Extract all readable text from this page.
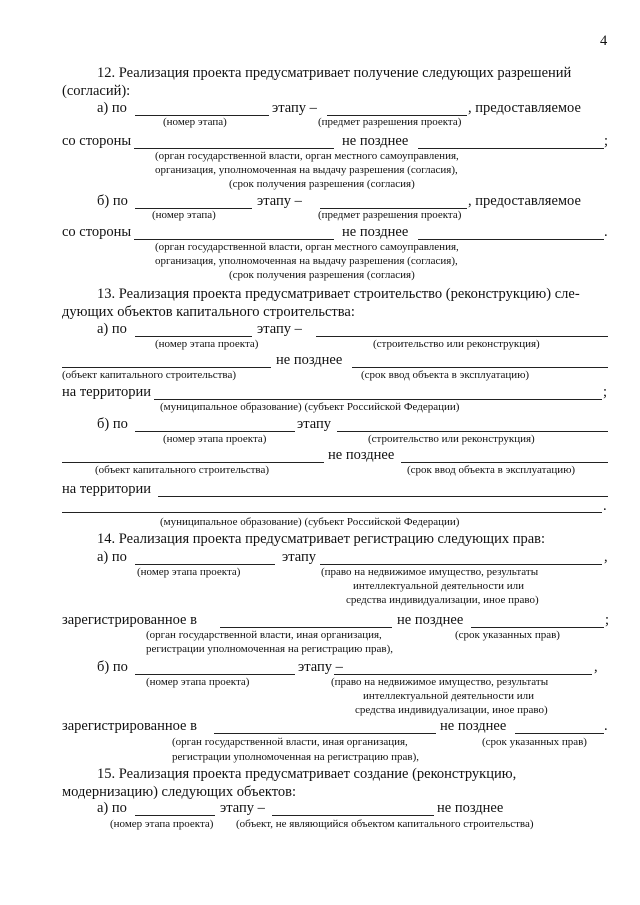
4
12. Реализация проекта предусматривает получение следующих разрешений
(согласий):
а) по	этапу –	, предоставляемое
(номер этапа)	(предмет разрешения проекта)
со стороны	не позднее	;
(орган государственной власти, орган местного самоуправления,
организация, уполномоченная на выдачу разрешения (согласия),
(срок получения разрешения (согласия)
б) по	этапу –	, предоставляемое
(номер этапа)	(предмет разрешения проекта)
со стороны	не позднее	.
(орган государственной власти, орган местного самоуправления,
организация, уполномоченная на выдачу разрешения (согласия),
(срок получения разрешения (согласия)
13. Реализация проекта предусматривает строительство (реконструкцию) сле-
дующих объектов капитального строительства:
а) по	этапу –
(номер этапа проекта)	(строительство или реконструкция)
не позднее
(объект капитального строительства)	(срок ввод объекта в эксплуатацию)
на территории	;
(муниципальное образование) (субъект Российской Федерации)
б) по	этапу
(номер этапа проекта)	(строительство или реконструкция)
не позднее
(объект капитального строительства)	(срок ввод объекта в эксплуатацию)
на территории
.
(муниципальное образование) (субъект Российской Федерации)
14. Реализация проекта предусматривает регистрацию следующих прав:
а) по	этапу	,
(номер этапа проекта)	(право на недвижимое имущество, результаты
интеллектуальной деятельности или
средства индивидуализации, иное право)
зарегистрированное в	не позднее	;
(орган государственной власти, иная организация,	(срок указанных прав)
регистрации уполномоченная на регистрацию прав),
б) по	этапу –	,
(номер этапа проекта)	(право на недвижимое имущество, результаты
интеллектуальной деятельности или
средства индивидуализации, иное право)
зарегистрированное в	не позднее	.
(орган государственной власти, иная организация,	(срок указанных прав)
регистрации уполномоченная на регистрацию прав),
15. Реализация проекта предусматривает создание (реконструкцию,
модернизацию) следующих объектов:
а) по	этапу –	не позднее
(номер этапа проекта) (объект, не являющийся объектом капитального строительства)
